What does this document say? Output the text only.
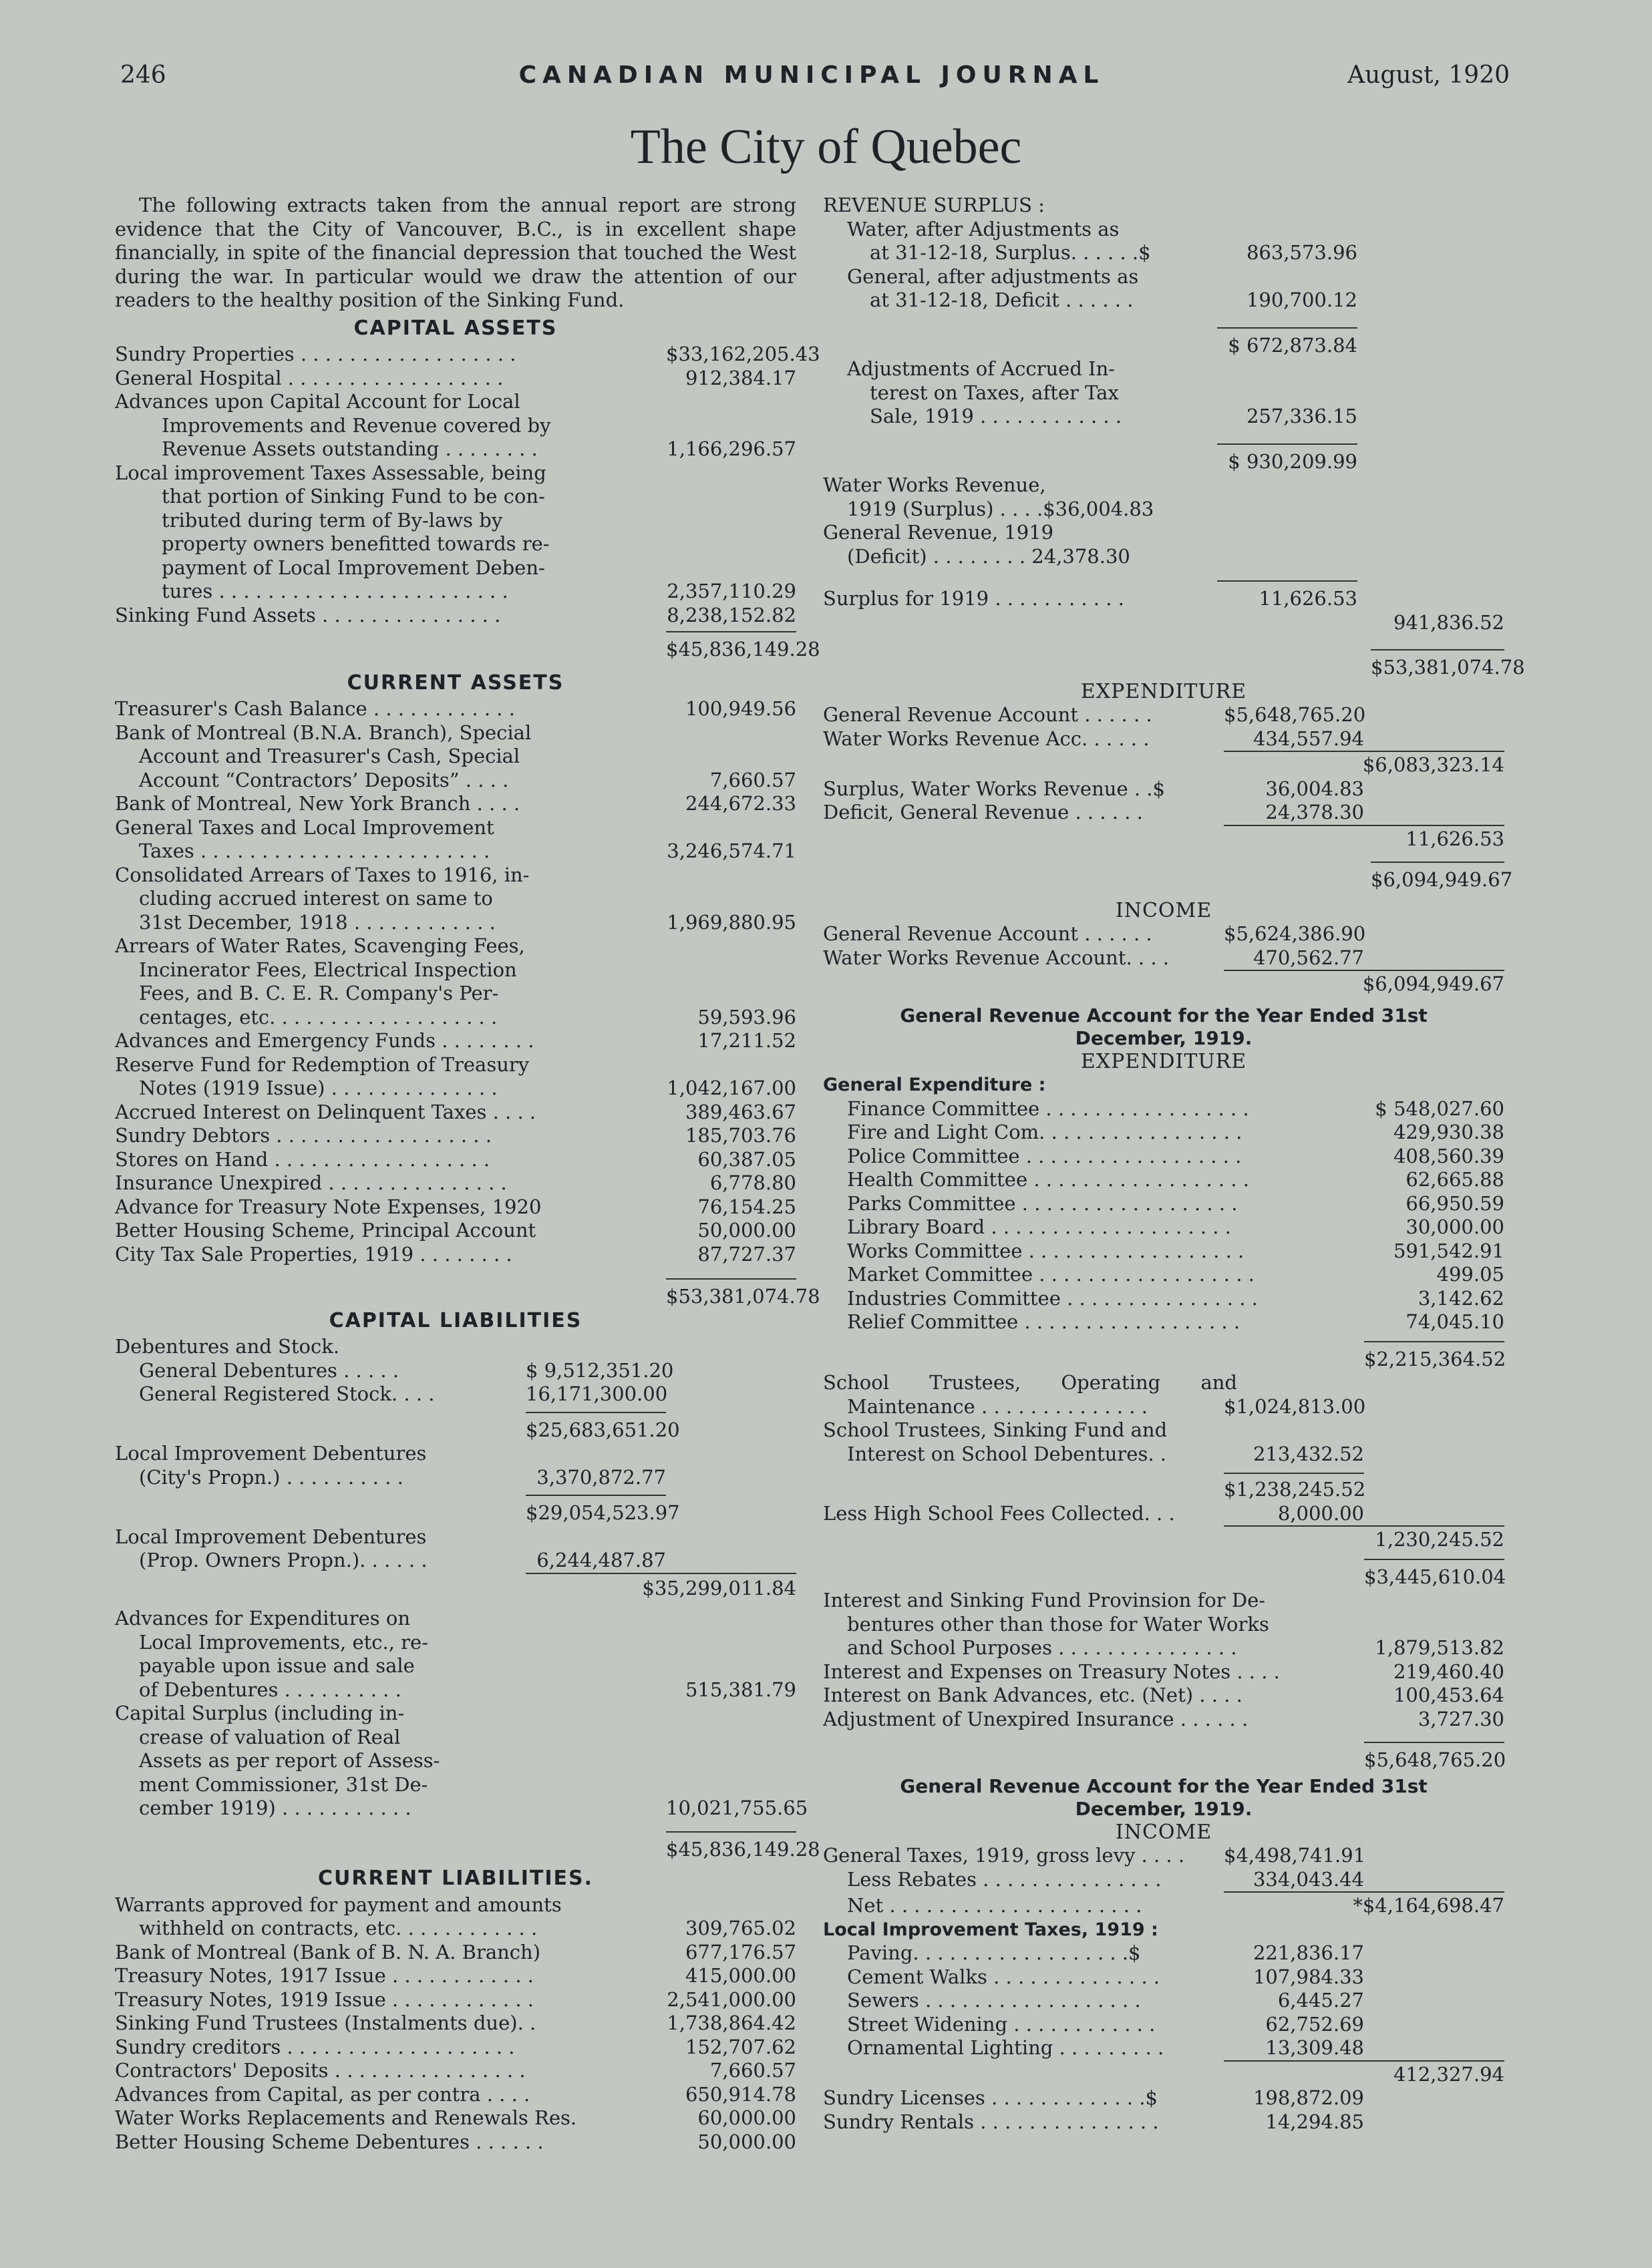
246	CANADIAN MUNICIPAL JOURNAL	August, 1920
The City of Quebec
The following extracts taken from the annual report are strong evidence that the City of Vancouver, B.C., is in excellent shape financially, in spite of the financial depression that touched the West during the war. In particular would we draw the attention of our readers to the healthy position of the Sinking Fund.
CAPITAL ASSETS
Sundry Properties . . . . . . . . . . . . . . . . . .	$33,162,205.43
General Hospital . . . . . . . . . . . . . . . . . .	912,384.17
Advances upon Capital Account for Local
Improvements and Revenue covered by
Revenue Assets outstanding . . . . . . . .	1,166,296.57
Local improvement Taxes Assessable, being
that portion of Sinking Fund to be con-
tributed during term of By-laws by
property owners benefitted towards re-
payment of Local Improvement Deben-
tures . . . . . . . . . . . . . . . . . . . . . . . .	2,357,110.29
Sinking Fund Assets . . . . . . . . . . . . . . .	8,238,152.82
$45,836,149.28
CURRENT ASSETS
Treasurer's Cash Balance . . . . . . . . . . . .	100,949.56
Bank of Montreal (B.N.A. Branch), Special
Account and Treasurer's Cash, Special
Account “Contractors’ Deposits” . . . .	7,660.57
Bank of Montreal, New York Branch . . . .	244,672.33
General Taxes and Local Improvement
Taxes . . . . . . . . . . . . . . . . . . . . . . . .	3,246,574.71
Consolidated Arrears of Taxes to 1916, in-
cluding accrued interest on same to
31st December, 1918 . . . . . . . . . . . .	1,969,880.95
Arrears of Water Rates, Scavenging Fees,
Incinerator Fees, Electrical Inspection
Fees, and B. C. E. R. Company's Per-
centages, etc. . . . . . . . . . . . . . . . . . .	59,593.96
Advances and Emergency Funds . . . . . . . .	17,211.52
Reserve Fund for Redemption of Treasury
Notes (1919 Issue) . . . . . . . . . . . . . .	1,042,167.00
Accrued Interest on Delinquent Taxes . . . .	389,463.67
Sundry Debtors . . . . . . . . . . . . . . . . . .	185,703.76
Stores on Hand . . . . . . . . . . . . . . . . . .	60,387.05
Insurance Unexpired . . . . . . . . . . . . . . .	6,778.80
Advance for Treasury Note Expenses, 1920	76,154.25
Better Housing Scheme, Principal Account	50,000.00
City Tax Sale Properties, 1919 . . . . . . . .	87,727.37
$53,381,074.78
CAPITAL LIABILITIES
Debentures and Stock.
General Debentures . . . . .	$ 9,512,351.20
General Registered Stock. . . .	16,171,300.00
$25,683,651.20
Local Improvement Debentures
(City's Propn.) . . . . . . . . . .	3,370,872.77
$29,054,523.97
Local Improvement Debentures
(Prop. Owners Propn.). . . . . .	6,244,487.87
$35,299,011.84
Advances for Expenditures on
Local Improvements, etc., re-
payable upon issue and sale
of Debentures . . . . . . . . . .	515,381.79
Capital Surplus (including in-
crease of valuation of Real
Assets as per report of Assess-
ment Commissioner, 31st De-
cember 1919) . . . . . . . . . . .	10,021,755.65
$45,836,149.28
CURRENT LIABILITIES.
Warrants approved for payment and amounts
withheld on contracts, etc. . . . . . . . . . . .	309,765.02
Bank of Montreal (Bank of B. N. A. Branch)	677,176.57
Treasury Notes, 1917 Issue . . . . . . . . . . . .	415,000.00
Treasury Notes, 1919 Issue . . . . . . . . . . . .	2,541,000.00
Sinking Fund Trustees (Instalments due). .	1,738,864.42
Sundry creditors . . . . . . . . . . . . . . . . . . .	152,707.62
Contractors' Deposits . . . . . . . . . . . . . . . .	7,660.57
Advances from Capital, as per contra . . . .	650,914.78
Water Works Replacements and Renewals Res.	60,000.00
Better Housing Scheme Debentures . . . . . .	50,000.00
REVENUE SURPLUS :
Water, after Adjustments as
at 31-12-18, Surplus. . . . . .$	863,573.96
General, after adjustments as
at 31-12-18, Deficit . . . . . .	190,700.12
$ 672,873.84
Adjustments of Accrued In-
terest on Taxes, after Tax
Sale, 1919 . . . . . . . . . . . .	257,336.15
$ 930,209.99
Water Works Revenue,
1919 (Surplus) . . . .$36,004.83
General Revenue, 1919
(Deficit) . . . . . . . . 24,378.30
Surplus for 1919 . . . . . . . . . . .	11,626.53
941,836.52
$53,381,074.78
EXPENDITURE
General Revenue Account . . . . . .	$5,648,765.20
Water Works Revenue Acc. . . . . .	434,557.94
$6,083,323.14
Surplus, Water Works Revenue . .$	36,004.83
Deficit, General Revenue . . . . . .	24,378.30
11,626.53
$6,094,949.67
INCOME
General Revenue Account . . . . . .	$5,624,386.90
Water Works Revenue Account. . . .	470,562.77
$6,094,949.67
General Revenue Account for the Year Ended 31st December, 1919.
EXPENDITURE
General Expenditure :
Finance Committee . . . . . . . . . . . . . . . . .	$ 548,027.60
Fire and Light Com. . . . . . . . . . . . . . . . .	429,930.38
Police Committee . . . . . . . . . . . . . . . . . .	408,560.39
Health Committee . . . . . . . . . . . . . . . . . .	62,665.88
Parks Committee . . . . . . . . . . . . . . . . . .	66,950.59
Library Board . . . . . . . . . . . . . . . . . . . .	30,000.00
Works Committee . . . . . . . . . . . . . . . . . .	591,542.91
Market Committee . . . . . . . . . . . . . . . . . .	499.05
Industries Committee . . . . . . . . . . . . . . . .	3,142.62
Relief Committee . . . . . . . . . . . . . . . . . .	74,045.10
$2,215,364.52
School Trustees, Operating and
Maintenance . . . . . . . . . . . . . .	$1,024,813.00
School Trustees, Sinking Fund and
Interest on School Debentures. .	213,432.52
$1,238,245.52
Less High School Fees Collected. . .	8,000.00
1,230,245.52
$3,445,610.04
Interest and Sinking Fund Provinsion for De-
bentures other than those for Water Works
and School Purposes . . . . . . . . . . . . . . .	1,879,513.82
Interest and Expenses on Treasury Notes . . . .	219,460.40
Interest on Bank Advances, etc. (Net) . . . .	100,453.64
Adjustment of Unexpired Insurance . . . . . .	3,727.30
$5,648,765.20
General Revenue Account for the Year Ended 31st December, 1919.
INCOME
General Taxes, 1919, gross levy . . . .	$4,498,741.91
Less Rebates . . . . . . . . . . . . . . .	334,043.44
Net . . . . . . . . . . . . . . . . . . . . .	*$4,164,698.47
Local Improvement Taxes, 1919 :
Paving. . . . . . . . . . . . . . . . . .$	221,836.17
Cement Walks . . . . . . . . . . . . . .	107,984.33
Sewers . . . . . . . . . . . . . . . . . .	6,445.27
Street Widening . . . . . . . . . . . .	62,752.69
Ornamental Lighting . . . . . . . . .	13,309.48
412,327.94
Sundry Licenses . . . . . . . . . . . . .$	198,872.09
Sundry Rentals . . . . . . . . . . . . . . .	14,294.85
